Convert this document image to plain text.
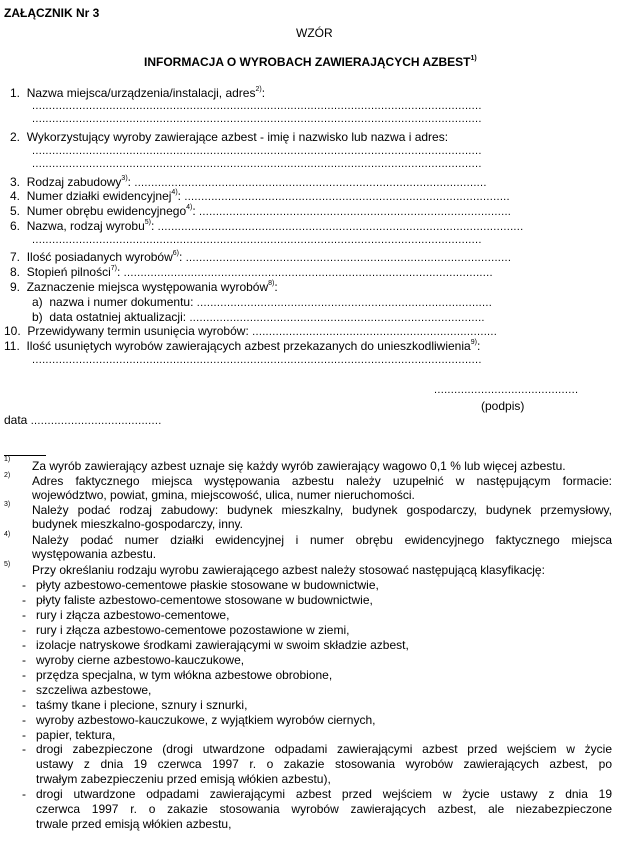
ZAŁĄCZNIK Nr 3
WZÓR
INFORMACJA O WYROBACH ZAWIERAJĄCYCH AZBEST$^{1)}$
1. Nazwa miejsca/urządzenia/instalacji, adres$^{2)}$:
......................................................................................................................................
......................................................................................................................................
2. Wykorzystujący wyroby zawierające azbest - imię i nazwisko lub nazwa i adres:
......................................................................................................................................
......................................................................................................................................
3. Rodzaj zabudowy$^{3)}$: .........................................................................................................
4. Numer działki ewidencyjnej$^{4)}$: .................................................................................................
5. Numer obrębu ewidencyjnego$^{4)}$: .............................................................................................
6. Nazwa, rodzaj wyrobu$^{5)}$: .............................................................................................................
......................................................................................................................................
7. Ilość posiadanych wyrobów$^{6)}$: .................................................................................................
8. Stopień pilności$^{7)}$: ..............................................................................................................
9. Zaznaczenie miejsca występowania wyrobów$^{8)}$:
a) nazwa i numer dokumentu: ........................................................................................
b) data ostatniej aktualizacji: ........................................................................................
10. Przewidywany termin usunięcia wyrobów: .........................................................................
11. Ilość usuniętych wyrobów zawierających azbest przekazanych do unieszkodliwienia$^{9)}$:
......................................................................................................................................
...........................................
(podpis)
data .......................................
1) Za wyrób zawierający azbest uznaje się każdy wyrób zawierający wagowo 0,1 % lub więcej azbestu.
2) Adres faktycznego miejsca występowania azbestu należy uzupełnić w następującym formacie:
województwo, powiat, gmina, miejscowość, ulica, numer nieruchomości.
3) Należy podać rodzaj zabudowy: budynek mieszkalny, budynek gospodarczy, budynek przemysłowy,
budynek mieszkalno-gospodarczy, inny.
4) Należy podać numer działki ewidencyjnej i numer obrębu ewidencyjnego faktycznego miejsca
występowania azbestu.
5) Przy określaniu rodzaju wyrobu zawierającego azbest należy stosować następującą klasyfikację:
- płyty azbestowo-cementowe płaskie stosowane w budownictwie,
- płyty faliste azbestowo-cementowe stosowane w budownictwie,
- rury i złącza azbestowo-cementowe,
- rury i złącza azbestowo-cementowe pozostawione w ziemi,
- izolacje natryskowe środkami zawierającymi w swoim składzie azbest,
- wyroby cierne azbestowo-kauczukowe,
- przędza specjalna, w tym włókna azbestowe obrobione,
- szczeliwa azbestowe,
- taśmy tkane i plecione, sznury i sznurki,
- wyroby azbestowo-kauczukowe, z wyjątkiem wyrobów ciernych,
- papier, tektura,
- drogi zabezpieczone (drogi utwardzone odpadami zawierającymi azbest przed wejściem w życie
ustawy z dnia 19 czerwca 1997 r. o zakazie stosowania wyrobów zawierających azbest, po
trwałym zabezpieczeniu przed emisją włókien azbestu),
- drogi utwardzone odpadami zawierającymi azbest przed wejściem w życie ustawy z dnia 19
czerwca 1997 r. o zakazie stosowania wyrobów zawierających azbest, ale niezabezpieczone
trwale przed emisją włókien azbestu,
